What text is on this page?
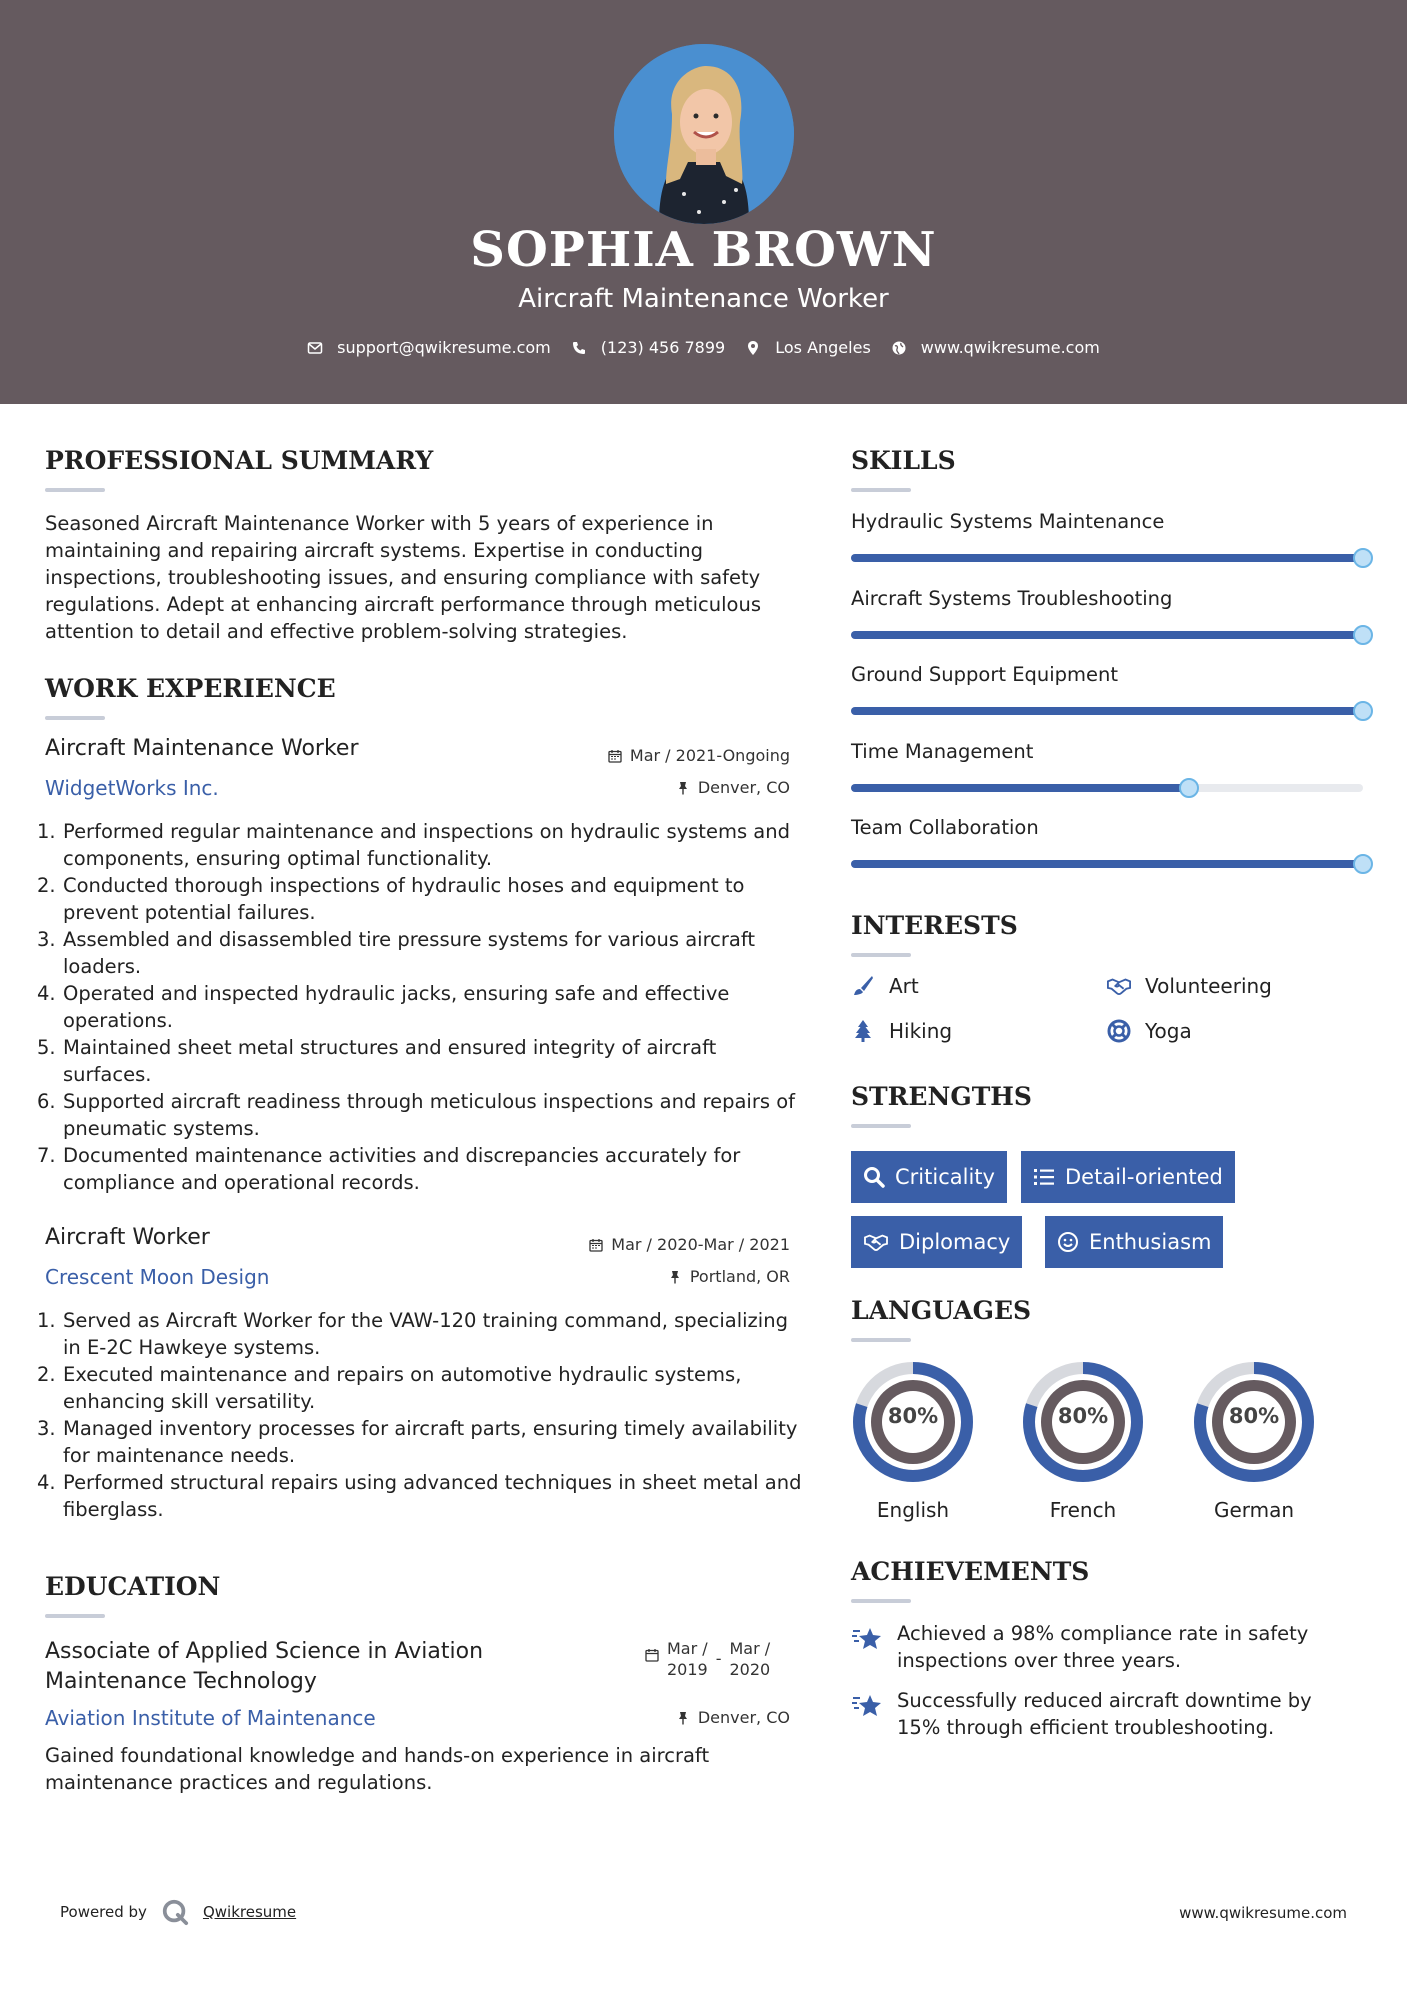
SOPHIA BROWN
Aircraft Maintenance Worker
support@qwikresume.com	(123) 456 7899	Los Angeles	www.qwikresume.com
PROFESSIONAL SUMMARY
Seasoned Aircraft Maintenance Worker with 5 years of experience in maintaining and repairing aircraft systems. Expertise in conducting inspections, troubleshooting issues, and ensuring compliance with safety regulations. Adept at enhancing aircraft performance through meticulous attention to detail and effective problem-solving strategies.
WORK EXPERIENCE
Aircraft Maintenance Worker	Mar / 2021-Ongoing
WidgetWorks Inc.	Denver, CO
1. Performed regular maintenance and inspections on hydraulic systems and components, ensuring optimal functionality.
2. Conducted thorough inspections of hydraulic hoses and equipment to prevent potential failures.
3. Assembled and disassembled tire pressure systems for various aircraft loaders.
4. Operated and inspected hydraulic jacks, ensuring safe and effective operations.
5. Maintained sheet metal structures and ensured integrity of aircraft surfaces.
6. Supported aircraft readiness through meticulous inspections and repairs of pneumatic systems.
7. Documented maintenance activities and discrepancies accurately for compliance and operational records.
Aircraft Worker	Mar / 2020-Mar / 2021
Crescent Moon Design	Portland, OR
1. Served as Aircraft Worker for the VAW-120 training command, specializing in E-2C Hawkeye systems.
2. Executed maintenance and repairs on automotive hydraulic systems, enhancing skill versatility.
3. Managed inventory processes for aircraft parts, ensuring timely availability for maintenance needs.
4. Performed structural repairs using advanced techniques in sheet metal and fiberglass.
EDUCATION
Associate of Applied Science in Aviation Maintenance Technology
Mar /
2019
-
Mar /
2020
Aviation Institute of Maintenance	Denver, CO
Gained foundational knowledge and hands-on experience in aircraft maintenance practices and regulations.
SKILLS
Hydraulic Systems Maintenance
Aircraft Systems Troubleshooting
Ground Support Equipment
Time Management
Team Collaboration
INTERESTS
Art	Volunteering
Hiking	Yoga
STRENGTHS
Criticality	Detail-oriented
Diplomacy	Enthusiasm
LANGUAGES
80%
English
80%
French
80%
German
ACHIEVEMENTS
Achieved a 98% compliance rate in safety inspections over three years.
Successfully reduced aircraft downtime by 15% through efficient troubleshooting.
Powered by	Qwikresume	www.qwikresume.com
